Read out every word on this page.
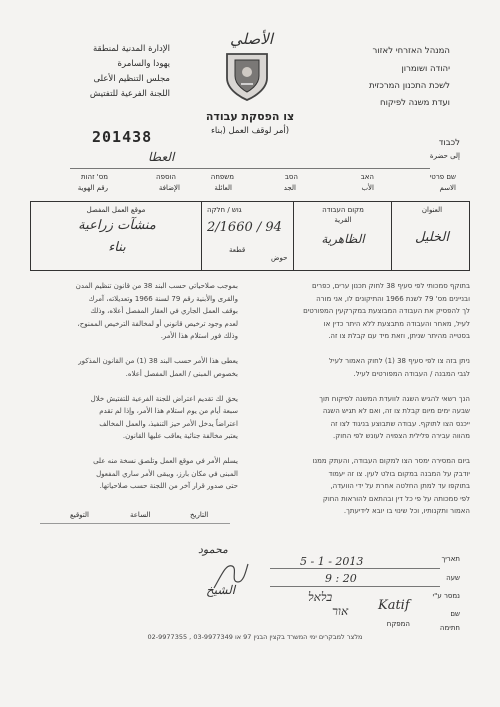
الأصلي
המנהל האזרחי לאזור
יהודה ושומרון
לשכת התכנון המרכזית
ועדת משנה לפיקוח
الإدارة المدنية لمنطقة
يهودا والسامرة
مجلس التنظيم الأعلى
اللجنة الفرعية للتفتيش
צו הפסקת עבודה
(أمر لوقف العمل (بناء
201438	לכבוד
إلى حضرة
ﺍﻟﻌﻄﺎ
שם פרטי
الاسم
האב
الأب
הסב
الجد
משפחה
العائلة
הוספה
الإضافة
מס' זהות
رقم الهوية
موقع العمل المفصل
منشآت زراعية
بناء
גוש / חלקה
2/1660 / 94
قطعة
حوض
מקום העבודה
القرية
الظاهرية
العنوان
الخليل
בתוקף סמכותי לפי סעיף 38 לחוק תכנון ערים, כפרים
ובניינים מס' 79 לשנת 1966 והתיקונים לו, אני מורה
לך להפסיק את העבודה המבוצעת במקרקעין המפורטים
לעיל, מאחר והעבודה מתבצעת ללא היתר כדין או
בסטייה מהיתר שניתן, וזאת מיד עם קבלת צו זה.

ניתן בזה צו לפי סעיף 38 (1) לחוק האמור לעיל
לגבי המבנה / העבודה המפורטים לעיל.

הנך רשאי להגיש השגה לוועדת המשנה לפיקוח תוך
שבעה ימים מיום קבלת צו זה, ואם לא תגיש השגה
ייכנס הצו לתוקף. עבודה שתבוצע בניגוד לצו זה
מהווה עבירה פלילית הצפויה לעונש לפי החוק.

ביום המסירה ימסר הצו למקום העבודה, והעתק ממנו
יודבק על המבנה במקום בולט לעין. צו זה יעמוד
בתוקפו עד למתן החלטה אחרת על ידי הוועדה,
לפי סמכותה על פי כל דין ובהתאם להוראות החוק
האמור ותקנותיו, וכל שינוי בו יובא לידיעתך.
بموجب صلاحياتي حسب البند 38 من قانون تنظيم المدن
والقرى والأبنية رقم 79 لسنة 1966 وتعديلاته، آمرك
بوقف العمل الجاري في العقار المفصل أعلاه، وذلك
لعدم وجود ترخيص قانوني أو لمخالفة الترخيص الممنوح،
وذلك فور استلام هذا الأمر.

يعطى هذا الأمر حسب البند 38 (1) من القانون المذكور
بخصوص المبنى / العمل المفصل أعلاه.

يحق لك تقديم اعتراض للجنة الفرعية للتفتيش خلال
سبعة أيام من يوم استلام هذا الأمر، وإذا لم تقدم
اعتراضاً يدخل الأمر حيز التنفيذ، والعمل المخالف
يعتبر مخالفة جنائية يعاقب عليها القانون.

يسلم الأمر في موقع العمل وتلصق نسخة منه على
المبنى في مكان بارز، ويبقى الأمر ساري المفعول
حتى صدور قرار آخر من اللجنة حسب صلاحياتها.
التاريخ
الساعة
التوقيع
תאריך
5 - 1 - 2013
שעה
9 : 20
נמסר ע"י
בלאל
שם
אור
המפקח
Katif
חתימה
محمود
الشيخ
מלצר למבקרים ימי המשרד בקצין הבנין 97 או 03-9977349 , 02-9977355
